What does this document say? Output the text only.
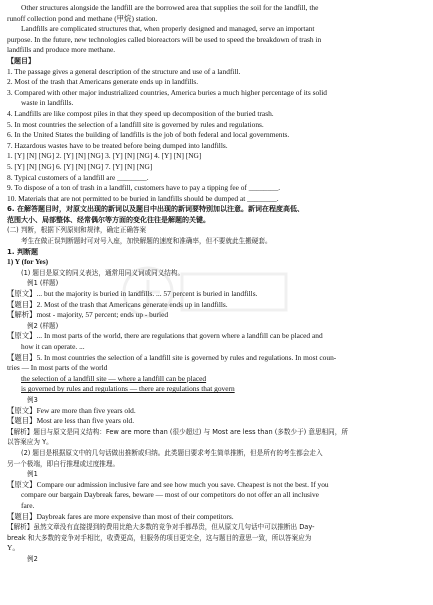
Other structures alongside the landfill are the borrowed area that supplies the soil for the landfill, the
runoff collection pond and methane (甲烷) station.
Landfills are complicated structures that, when properly designed and managed, serve an important
purpose. In the future, new technologies called bioreactors will be used to speed the breakdown of trash in
landfills and produce more methane.
【题目】
1. The passage gives a general description of the structure and use of a landfill.
2. Most of the trash that Americans generate ends up in landfills.
3. Compared with other major industrialized countries, America buries a much higher percentage of its solid
waste in landfills.
4. Landfills are like compost piles in that they speed up decomposition of the buried trash.
5. In most countries the selection of a landfill site is governed by rules and regulations.
6. In the United States the building of landfills is the job of both federal and local governments.
7. Hazardous wastes have to be treated before being dumped into landfills.
1. [Y] [N] [NG] 2. [Y] [N] [NG] 3. [Y] [N] [NG] 4. [Y] [N] [NG]
5. [Y] [N] [NG] 6. [Y] [N] [NG] 7. [Y] [N] [NG]
8. Typical customers of a landfill are ________.
9. To dispose of a ton of trash in a landfill, customers have to pay a tipping fee of ________.
10. Materials that are not permitted to be buried in landfills should be dumped at ________.
6. 在解答题目时，对原文出现的新词以及题目中出现的新词要特别加以注意。新词在程度高低、
范围大小、局部整体、经常偶尔等方面的变化往往是解题的关键。
(二) 判断，根据下列原则和规律，确定正确答案
考生在做正误判断题时可对号入座，加快解题的速度和准确率，但不要就此生搬硬套。
1. 判断题
1) Y (for Yes)
(1) 题目是原文的同义表达，通常用同义词或同义结构。
例1 (样题)
【原文】... but the majority is buried in landfills. ... 57 percent is buried in landfills.
【题目】2. Most of the trash that Americans generate ends up in landfills.
【解析】most - majority, 57 percent; ends up - buried
例2 (样题)
【原文】... In most parts of the world, there are regulations that govern where a landfill can be placed and
how it can operate. ...
【题目】5. In most countries the selection of a landfill site is governed by rules and regulations. In most coun-
tries — In most parts of the world
the selection of a landfill site — where a landfill can be placed
is governed by rules and regulations — there are regulations that govern
例3
【原文】Few are more than five years old.
【题目】Most are less than five years old.
【解析】题目与原文是同义结构：Few are more than (很少超过) 与 Most are less than (多数少于) 意思相同，所
以答案应为 Y。
(2) 题目是根据原文中的几句话做出推断或归纳。此类题目要求考生简单推断，但是所有的考生都会走入
另一个极端，即自行推理或过度推理。
例1
【原文】Compare our admission inclusive fare and see how much you save. Cheapest is not the best. If you
compare our bargain Daybreak fares, beware — most of our competitors do not offer an all inclusive
fare.
【题目】Daybreak fares are more expensive than most of their competitors.
【解析】虽然文章没有直接提到的费用比绝大多数的竞争对手都昂贵，但从原文几句话中可以推断出 Day-
break 和大多数的竞争对手相比，收费更高，但服务的项目更完全，这与题目的意思一致，所以答案应为
Y。
例2
